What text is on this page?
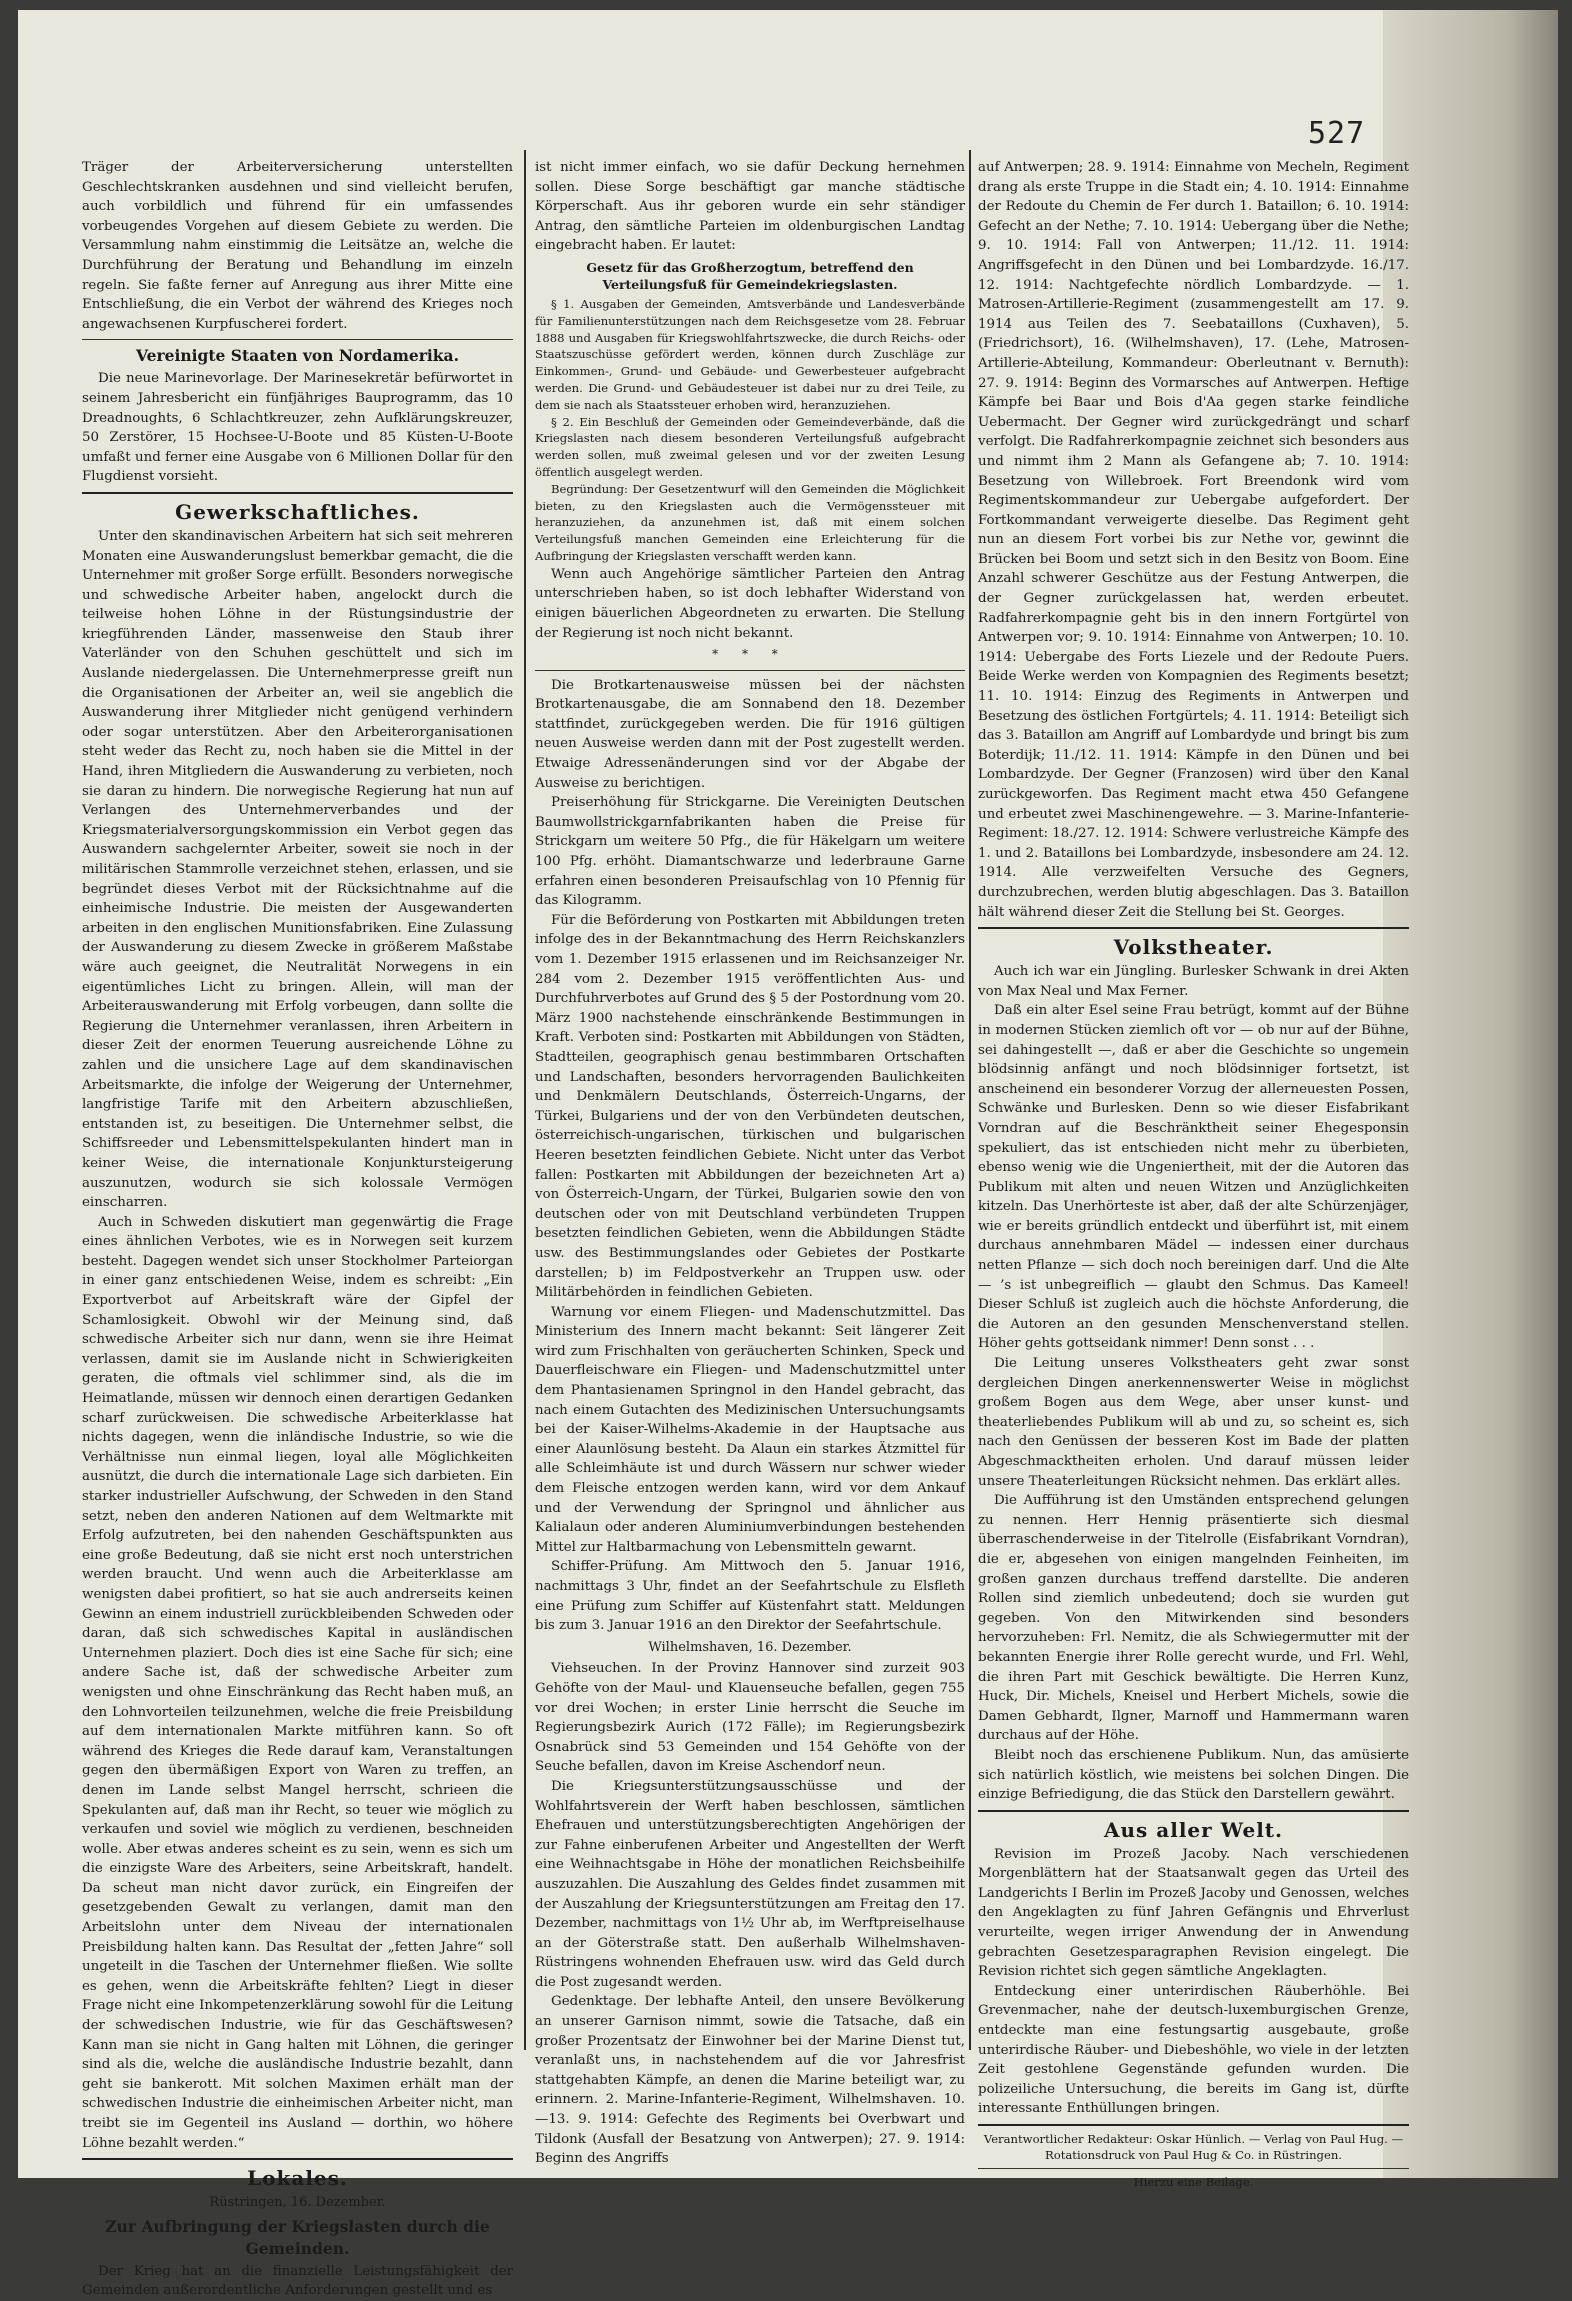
527

Träger der Arbeiterversicherung unterstellten Geschlechtskranken ausdehnen und sind vielleicht berufen, auch vorbildlich und führend für ein umfassendes vorbeugendes Vorgehen auf diesem Gebiete zu werden. Die Versammlung nahm einstimmig die Leitsätze an, welche die Durchführung der Beratung und Behandlung im einzeln regeln. Sie faßte ferner auf Anregung aus ihrer Mitte eine Entschließung, die ein Verbot der während des Krieges noch angewachsenen Kurpfuscherei fordert.

Vereinigte Staaten von Nordamerika.

Die neue Marinevorlage. Der Marinesekretär befürwortet in seinem Jahresbericht ein fünfjähriges Bauprogramm, das 10 Dreadnoughts, 6 Schlachtkreuzer, zehn Aufklärungskreuzer, 50 Zerstörer, 15 Hochsee-U-Boote und 85 Küsten-U-Boote umfaßt und ferner eine Ausgabe von 6 Millionen Dollar für den Flugdienst vorsieht.

Gewerkschaftliches.

Unter den skandinavischen Arbeitern hat sich seit mehreren Monaten eine Auswanderungslust bemerkbar gemacht, die die Unternehmer mit großer Sorge erfüllt. Besonders norwegische und schwedische Arbeiter haben, angelockt durch die teilweise hohen Löhne in der Rüstungsindustrie der kriegführenden Länder, massenweise den Staub ihrer Vaterländer von den Schuhen geschüttelt und sich im Auslande niedergelassen. Die Unternehmerpresse greift nun die Organisationen der Arbeiter an, weil sie angeblich die Auswanderung ihrer Mitglieder nicht genügend verhindern oder sogar unterstützen. Aber den Arbeiterorganisationen steht weder das Recht zu, noch haben sie die Mittel in der Hand, ihren Mitgliedern die Auswanderung zu verbieten, noch sie daran zu hindern. Die norwegische Regierung hat nun auf Verlangen des Unternehmerverbandes und der Kriegsmaterialversorgungskommission ein Verbot gegen das Auswandern sachgelernter Arbeiter, soweit sie noch in der militärischen Stammrolle verzeichnet stehen, erlassen, und sie begründet dieses Verbot mit der Rücksichtnahme auf die einheimische Industrie. Die meisten der Ausgewanderten arbeiten in den englischen Munitionsfabriken. Eine Zulassung der Auswanderung zu diesem Zwecke in größerem Maßstabe wäre auch geeignet, die Neutralität Norwegens in ein eigentümliches Licht zu bringen. Allein, will man der Arbeiterauswanderung mit Erfolg vorbeugen, dann sollte die Regierung die Unternehmer veranlassen, ihren Arbeitern in dieser Zeit der enormen Teuerung ausreichende Löhne zu zahlen und die unsichere Lage auf dem skandinavischen Arbeitsmarkte, die infolge der Weigerung der Unternehmer, langfristige Tarife mit den Arbeitern abzuschließen, entstanden ist, zu beseitigen. Die Unternehmer selbst, die Schiffsreeder und Lebensmittelspekulanten hindert man in keiner Weise, die internationale Konjunktursteigerung auszunutzen, wodurch sie sich kolossale Vermögen einscharren.

Auch in Schweden diskutiert man gegenwärtig die Frage eines ähnlichen Verbotes, wie es in Norwegen seit kurzem besteht. Dagegen wendet sich unser Stockholmer Parteiorgan in einer ganz entschiedenen Weise, indem es schreibt: „Ein Exportverbot auf Arbeitskraft wäre der Gipfel der Schamlosigkeit. Obwohl wir der Meinung sind, daß schwedische Arbeiter sich nur dann, wenn sie ihre Heimat verlassen, damit sie im Auslande nicht in Schwierigkeiten geraten, die oftmals viel schlimmer sind, als die im Heimatlande, müssen wir dennoch einen derartigen Gedanken scharf zurückweisen. Die schwedische Arbeiterklasse hat nichts dagegen, wenn die inländische Industrie, so wie die Verhältnisse nun einmal liegen, loyal alle Möglichkeiten ausnützt, die durch die internationale Lage sich darbieten. Ein starker industrieller Aufschwung, der Schweden in den Stand setzt, neben den anderen Nationen auf dem Weltmarkte mit Erfolg aufzutreten, bei den nahenden Geschäftspunkten aus eine große Bedeutung, daß sie nicht erst noch unterstrichen werden braucht. Und wenn auch die Arbeiterklasse am wenigsten dabei profitiert, so hat sie auch andrerseits keinen Gewinn an einem industriell zurückbleibenden Schweden oder daran, daß sich schwedisches Kapital in ausländischen Unternehmen plaziert. Doch dies ist eine Sache für sich; eine andere Sache ist, daß der schwedische Arbeiter zum wenigsten und ohne Einschränkung das Recht haben muß, an den Lohnvorteilen teilzunehmen, welche die freie Preisbildung auf dem internationalen Markte mitführen kann. So oft während des Krieges die Rede darauf kam, Veranstaltungen gegen den übermäßigen Export von Waren zu treffen, an denen im Lande selbst Mangel herrscht, schrieen die Spekulanten auf, daß man ihr Recht, so teuer wie möglich zu verkaufen und soviel wie möglich zu verdienen, beschneiden wolle. Aber etwas anderes scheint es zu sein, wenn es sich um die einzigste Ware des Arbeiters, seine Arbeitskraft, handelt. Da scheut man nicht davor zurück, ein Eingreifen der gesetzgebenden Gewalt zu verlangen, damit man den Arbeitslohn unter dem Niveau der internationalen Preisbildung halten kann. Das Resultat der „fetten Jahre“ soll ungeteilt in die Taschen der Unternehmer fließen. Wie sollte es gehen, wenn die Arbeitskräfte fehlten? Liegt in dieser Frage nicht eine Inkompetenzerklärung sowohl für die Leitung der schwedischen Industrie, wie für das Geschäftswesen? Kann man sie nicht in Gang halten mit Löhnen, die geringer sind als die, welche die ausländische Industrie bezahlt, dann geht sie bankerott. Mit solchen Maximen erhält man der schwedischen Industrie die einheimischen Arbeiter nicht, man treibt sie im Gegenteil ins Ausland — dorthin, wo höhere Löhne bezahlt werden.“

Lokales.
Rüstringen, 16. Dezember.
Zur Aufbringung der Kriegslasten durch die Gemeinden.

Der Krieg hat an die finanzielle Leistungsfähigkeit der Gemeinden außerordentliche Anforderungen gestellt und es

ist nicht immer einfach, wo sie dafür Deckung hernehmen sollen. Diese Sorge beschäftigt gar manche städtische Körperschaft. Aus ihr geboren wurde ein sehr ständiger Antrag, den sämtliche Parteien im oldenburgischen Landtag eingebracht haben. Er lautet:

Gesetz für das Großherzogtum, betreffend den Verteilungsfuß für Gemeindekriegslasten.

§ 1. Ausgaben der Gemeinden, Amtsverbände und Landesverbände für Familienunterstützungen nach dem Reichsgesetze vom 28. Februar 1888 und Ausgaben für Kriegswohlfahrtszwecke, die durch Reichs- oder Staatszuschüsse gefördert werden, können durch Zuschläge zur Einkommen-, Grund- und Gebäude- und Gewerbesteuer aufgebracht werden. Die Grund- und Gebäudesteuer ist dabei nur zu drei Teile, zu dem sie nach als Staatssteuer erhoben wird, heranzuziehen.

§ 2. Ein Beschluß der Gemeinden oder Gemeindeverbände, daß die Kriegslasten nach diesem besonderen Verteilungsfuß aufgebracht werden sollen, muß zweimal gelesen und vor der zweiten Lesung öffentlich ausgelegt werden.

Begründung: Der Gesetzentwurf will den Gemeinden die Möglichkeit bieten, zu den Kriegslasten auch die Vermögenssteuer mit heranzuziehen, da anzunehmen ist, daß mit einem solchen Verteilungsfuß manchen Gemeinden eine Erleichterung für die Aufbringung der Kriegslasten verschafft werden kann.

Wenn auch Angehörige sämtlicher Parteien den Antrag unterschrieben haben, so ist doch lebhafter Widerstand von einigen bäuerlichen Abgeordneten zu erwarten. Die Stellung der Regierung ist noch nicht bekannt.

* * *

Die Brotkartenausweise müssen bei der nächsten Brotkartenausgabe, die am Sonnabend den 18. Dezember stattfindet, zurückgegeben werden. Die für 1916 gültigen neuen Ausweise werden dann mit der Post zugestellt werden. Etwaige Adressenänderungen sind vor der Abgabe der Ausweise zu berichtigen.

Preiserhöhung für Strickgarne. Die Vereinigten Deutschen Baumwollstrickgarnfabrikanten haben die Preise für Strickgarn um weitere 50 Pfg., die für Häkelgarn um weitere 100 Pfg. erhöht. Diamantschwarze und lederbraune Garne erfahren einen besonderen Preisaufschlag von 10 Pfennig für das Kilogramm.

Für die Beförderung von Postkarten mit Abbildungen treten infolge des in der Bekanntmachung des Herrn Reichskanzlers vom 1. Dezember 1915 erlassenen und im Reichsanzeiger Nr. 284 vom 2. Dezember 1915 veröffentlichten Aus- und Durchfuhrverbotes auf Grund des § 5 der Postordnung vom 20. März 1900 nachstehende einschränkende Bestimmungen in Kraft. Verboten sind: Postkarten mit Abbildungen von Städten, Stadtteilen, geographisch genau bestimmbaren Ortschaften und Landschaften, besonders hervorragenden Baulichkeiten und Denkmälern Deutschlands, Österreich-Ungarns, der Türkei, Bulgariens und der von den Verbündeten deutschen, österreichisch-ungarischen, türkischen und bulgarischen Heeren besetzten feindlichen Gebiete. Nicht unter das Verbot fallen: Postkarten mit Abbildungen der bezeichneten Art a) von Österreich-Ungarn, der Türkei, Bulgarien sowie den von deutschen oder von mit Deutschland verbündeten Truppen besetzten feindlichen Gebieten, wenn die Abbildungen Städte usw. des Bestimmungslandes oder Gebietes der Postkarte darstellen; b) im Feldpostverkehr an Truppen usw. oder Militärbehörden in feindlichen Gebieten.

Warnung vor einem Fliegen- und Madenschutzmittel. Das Ministerium des Innern macht bekannt: Seit längerer Zeit wird zum Frischhalten von geräucherten Schinken, Speck und Dauerfleischware ein Fliegen- und Madenschutzmittel unter dem Phantasienamen Springnol in den Handel gebracht, das nach einem Gutachten des Medizinischen Untersuchungsamts bei der Kaiser-Wilhelms-Akademie in der Hauptsache aus einer Alaunlösung besteht. Da Alaun ein starkes Ätzmittel für alle Schleimhäute ist und durch Wässern nur schwer wieder dem Fleische entzogen werden kann, wird vor dem Ankauf und der Verwendung der Springnol und ähnlicher aus Kalialaun oder anderen Aluminiumverbindungen bestehenden Mittel zur Haltbarmachung von Lebensmitteln gewarnt.

Schiffer-Prüfung. Am Mittwoch den 5. Januar 1916, nachmittags 3 Uhr, findet an der Seefahrtschule zu Elsfleth eine Prüfung zum Schiffer auf Küstenfahrt statt. Meldungen bis zum 3. Januar 1916 an den Direktor der Seefahrtschule.

Wilhelmshaven, 16. Dezember.

Viehseuchen. In der Provinz Hannover sind zurzeit 903 Gehöfte von der Maul- und Klauenseuche befallen, gegen 755 vor drei Wochen; in erster Linie herrscht die Seuche im Regierungsbezirk Aurich (172 Fälle); im Regierungsbezirk Osnabrück sind 53 Gemeinden und 154 Gehöfte von der Seuche befallen, davon im Kreise Aschendorf neun.

Die Kriegsunterstützungsausschüsse und der Wohlfahrtsverein der Werft haben beschlossen, sämtlichen Ehefrauen und unterstützungsberechtigten Angehörigen der zur Fahne einberufenen Arbeiter und Angestellten der Werft eine Weihnachtsgabe in Höhe der monatlichen Reichsbeihilfe auszuzahlen. Die Auszahlung des Geldes findet zusammen mit der Auszahlung der Kriegsunterstützungen am Freitag den 17. Dezember, nachmittags von 1½ Uhr ab, im Werftpreiselhause an der Göterstraße statt. Den außerhalb Wilhelmshaven-Rüstringens wohnenden Ehefrauen usw. wird das Geld durch die Post zugesandt werden.

Gedenktage. Der lebhafte Anteil, den unsere Bevölkerung an unserer Garnison nimmt, sowie die Tatsache, daß ein großer Prozentsatz der Einwohner bei der Marine Dienst tut, veranlaßt uns, in nachstehendem auf die vor Jahresfrist stattgehabten Kämpfe, an denen die Marine beteiligt war, zu erinnern. 2. Marine-Infanterie-Regiment, Wilhelmshaven. 10.—13. 9. 1914: Gefechte des Regiments bei Overbwart und Tildonk (Ausfall der Besatzung von Antwerpen); 27. 9. 1914: Beginn des Angriffs

auf Antwerpen; 28. 9. 1914: Einnahme von Mecheln, Regiment drang als erste Truppe in die Stadt ein; 4. 10. 1914: Einnahme der Redoute du Chemin de Fer durch 1. Bataillon; 6. 10. 1914: Gefecht an der Nethe; 7. 10. 1914: Uebergang über die Nethe; 9. 10. 1914: Fall von Antwerpen; 11./12. 11. 1914: Angriffsgefecht in den Dünen und bei Lombardzyde. 16./17. 12. 1914: Nachtgefechte nördlich Lombardzyde. — 1. Matrosen-Artillerie-Regiment (zusammengestellt am 17. 9. 1914 aus Teilen des 7. Seebataillons (Cuxhaven), 5. (Friedrichsort), 16. (Wilhelmshaven), 17. (Lehe, Matrosen-Artillerie-Abteilung, Kommandeur: Oberleutnant v. Bernuth): 27. 9. 1914: Beginn des Vormarsches auf Antwerpen. Heftige Kämpfe bei Baar und Bois d'Aa gegen starke feindliche Uebermacht. Der Gegner wird zurückgedrängt und scharf verfolgt. Die Radfahrerkompagnie zeichnet sich besonders aus und nimmt ihm 2 Mann als Gefangene ab; 7. 10. 1914: Besetzung von Willebroek. Fort Breendonk wird vom Regimentskommandeur zur Uebergabe aufgefordert. Der Fortkommandant verweigerte dieselbe. Das Regiment geht nun an diesem Fort vorbei bis zur Nethe vor, gewinnt die Brücken bei Boom und setzt sich in den Besitz von Boom. Eine Anzahl schwerer Geschütze aus der Festung Antwerpen, die der Gegner zurückgelassen hat, werden erbeutet. Radfahrerkompagnie geht bis in den innern Fortgürtel von Antwerpen vor; 9. 10. 1914: Einnahme von Antwerpen; 10. 10. 1914: Uebergabe des Forts Liezele und der Redoute Puers. Beide Werke werden von Kompagnien des Regiments besetzt; 11. 10. 1914: Einzug des Regiments in Antwerpen und Besetzung des östlichen Fortgürtels; 4. 11. 1914: Beteiligt sich das 3. Bataillon am Angriff auf Lombardyde und bringt bis zum Boterdijk; 11./12. 11. 1914: Kämpfe in den Dünen und bei Lombardzyde. Der Gegner (Franzosen) wird über den Kanal zurückgeworfen. Das Regiment macht etwa 450 Gefangene und erbeutet zwei Maschinengewehre. — 3. Marine-Infanterie-Regiment: 18./27. 12. 1914: Schwere verlustreiche Kämpfe des 1. und 2. Bataillons bei Lombardzyde, insbesondere am 24. 12. 1914. Alle verzweifelten Versuche des Gegners, durchzubrechen, werden blutig abgeschlagen. Das 3. Bataillon hält während dieser Zeit die Stellung bei St. Georges.

Volkstheater.

Auch ich war ein Jüngling. Burlesker Schwank in drei Akten von Max Neal und Max Ferner.

Daß ein alter Esel seine Frau betrügt, kommt auf der Bühne in modernen Stücken ziemlich oft vor — ob nur auf der Bühne, sei dahingestellt —, daß er aber die Geschichte so ungemein blödsinnig anfängt und noch blödsinniger fortsetzt, ist anscheinend ein besonderer Vorzug der allerneuesten Possen, Schwänke und Burlesken. Denn so wie dieser Eisfabrikant Vorndran auf die Beschränktheit seiner Ehegesponsin spekuliert, das ist entschieden nicht mehr zu überbieten, ebenso wenig wie die Ungeniertheit, mit der die Autoren das Publikum mit alten und neuen Witzen und Anzüglichkeiten kitzeln. Das Unerhörteste ist aber, daß der alte Schürzenjäger, wie er bereits gründlich entdeckt und überführt ist, mit einem durchaus annehmbaren Mädel — indessen einer durchaus netten Pflanze — sich doch noch bereinigen darf. Und die Alte — ’s ist unbegreiflich — glaubt den Schmus. Das Kameel! Dieser Schluß ist zugleich auch die höchste Anforderung, die die Autoren an den gesunden Menschenverstand stellen. Höher gehts gottseidank nimmer! Denn sonst . . .

Die Leitung unseres Volkstheaters geht zwar sonst dergleichen Dingen anerkennenswerter Weise in möglichst großem Bogen aus dem Wege, aber unser kunst- und theaterliebendes Publikum will ab und zu, so scheint es, sich nach den Genüssen der besseren Kost im Bade der platten Abgeschmacktheiten erholen. Und darauf müssen leider unsere Theaterleitungen Rücksicht nehmen. Das erklärt alles.

Die Aufführung ist den Umständen entsprechend gelungen zu nennen. Herr Hennig präsentierte sich diesmal überraschenderweise in der Titelrolle (Eisfabrikant Vorndran), die er, abgesehen von einigen mangelnden Feinheiten, im großen ganzen durchaus treffend darstellte. Die anderen Rollen sind ziemlich unbedeutend; doch sie wurden gut gegeben. Von den Mitwirkenden sind besonders hervorzuheben: Frl. Nemitz, die als Schwiegermutter mit der bekannten Energie ihrer Rolle gerecht wurde, und Frl. Wehl, die ihren Part mit Geschick bewältigte. Die Herren Kunz, Huck, Dir. Michels, Kneisel und Herbert Michels, sowie die Damen Gebhardt, Ilgner, Marnoff und Hammermann waren durchaus auf der Höhe.

Bleibt noch das erschienene Publikum. Nun, das amüsierte sich natürlich köstlich, wie meistens bei solchen Dingen. Die einzige Befriedigung, die das Stück den Darstellern gewährt.

Aus aller Welt.

Revision im Prozeß Jacoby. Nach verschiedenen Morgenblättern hat der Staatsanwalt gegen das Urteil des Landgerichts I Berlin im Prozeß Jacoby und Genossen, welches den Angeklagten zu fünf Jahren Gefängnis und Ehrverlust verurteilte, wegen irriger Anwendung der in Anwendung gebrachten Gesetzesparagraphen Revision eingelegt. Die Revision richtet sich gegen sämtliche Angeklagten.

Entdeckung einer unterirdischen Räuberhöhle. Bei Grevenmacher, nahe der deutsch-luxemburgischen Grenze, entdeckte man eine festungsartig ausgebaute, große unterirdische Räuber- und Diebeshöhle, wo viele in der letzten Zeit gestohlene Gegenstände gefunden wurden. Die polizeiliche Untersuchung, die bereits im Gang ist, dürfte interessante Enthüllungen bringen.

Verantwortlicher Redakteur: Oskar Hünlich. — Verlag von Paul Hug. — Rotationsdruck von Paul Hug & Co. in Rüstringen.
Hierzu eine Beilage.
